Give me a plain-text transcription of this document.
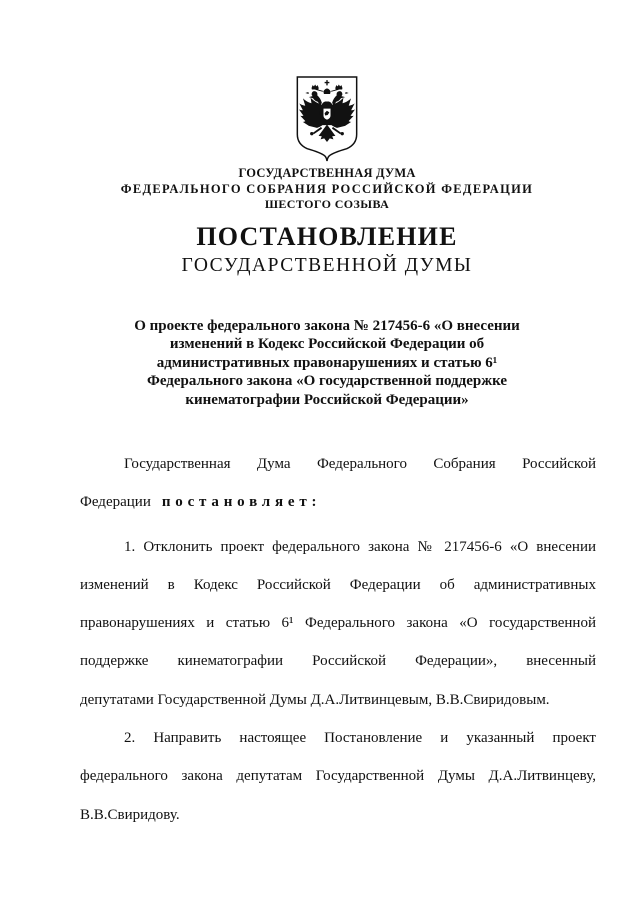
ГОСУДАРСТВЕННАЯ ДУМА
ФЕДЕРАЛЬНОГО СОБРАНИЯ РОССИЙСКОЙ ФЕДЕРАЦИИ
ШЕСТОГО СОЗЫВА
ПОСТАНОВЛЕНИЕ
ГОСУДАРСТВЕННОЙ ДУМЫ
О проекте федерального закона № 217456-6 «О внесении
изменений в Кодекс Российской Федерации об
административных правонарушениях и статью 6¹
Федерального закона «О государственной поддержке
кинематографии Российской Федерации»
Государственная Дума Федерального Собрания Российской
Федерации постановляет:
1. Отклонить проект федерального закона № 217456-6 «О внесении
изменений в Кодекс Российской Федерации об административных
правонарушениях и статью 6¹ Федерального закона «О государственной
поддержке кинематографии Российской Федерации», внесенный
депутатами Государственной Думы Д.А.Литвинцевым, В.В.Свиридовым.
2. Направить настоящее Постановление и указанный проект
федерального закона депутатам Государственной Думы Д.А.Литвинцеву,
В.В.Свиридову.
